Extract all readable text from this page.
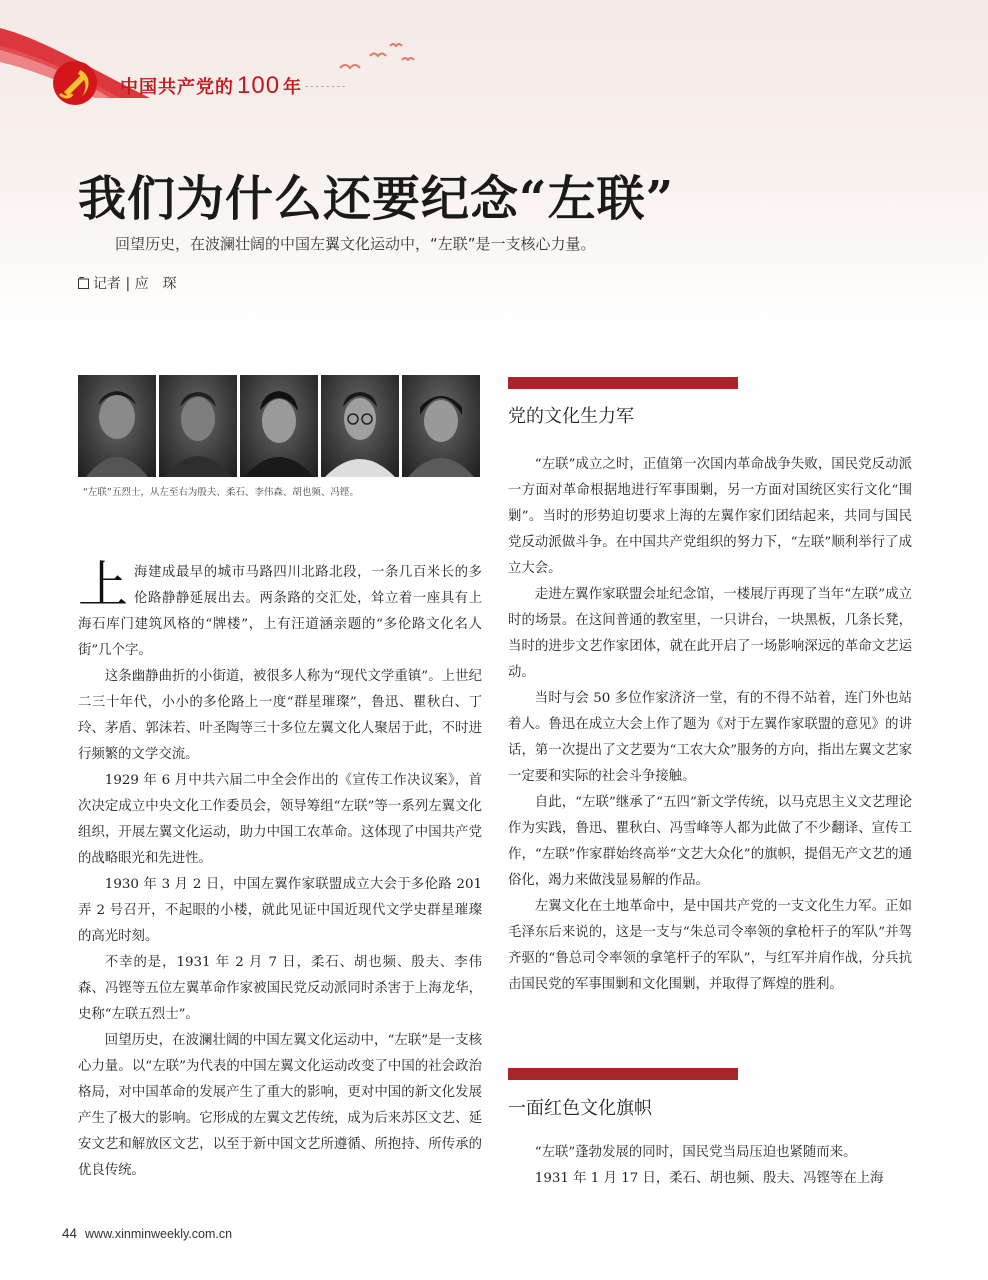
中国共产党的 100 年
我们为什么还要纪念“左联”
回望历史，在波澜壮阔的中国左翼文化运动中，“左联”是一支核心力量。
记者 | 应　琛
“左联”五烈士，从左至右为殷夫、柔石、李伟森、胡也频、冯铿。

上海建成最早的城市马路四川北路北段，一条几百米长的多伦路静静延展出去。两条路的交汇处，耸立着一座具有上海石库门建筑风格的“牌楼”，上有汪道涵亲题的“多伦路文化名人街”几个字。

这条幽静曲折的小街道，被很多人称为“现代文学重镇”。上世纪二三十年代，小小的多伦路上一度“群星璀璨”，鲁迅、瞿秋白、丁玲、茅盾、郭沫若、叶圣陶等三十多位左翼文化人聚居于此，不时进行频繁的文学交流。

1929 年 6 月中共六届二中全会作出的《宣传工作决议案》，首次决定成立中央文化工作委员会，领导筹组“左联”等一系列左翼文化组织，开展左翼文化运动，助力中国工农革命。这体现了中国共产党的战略眼光和先进性。

1930 年 3 月 2 日，中国左翼作家联盟成立大会于多伦路 201 弄 2 号召开，不起眼的小楼，就此见证中国近现代文学史群星璀璨的高光时刻。

不幸的是，1931 年 2 月 7 日，柔石、胡也频、殷夫、李伟森、冯铿等五位左翼革命作家被国民党反动派同时杀害于上海龙华，史称“左联五烈士”。

回望历史，在波澜壮阔的中国左翼文化运动中，“左联”是一支核心力量。以“左联”为代表的中国左翼文化运动改变了中国的社会政治格局，对中国革命的发展产生了重大的影响，更对中国的新文化发展产生了极大的影响。它形成的左翼文艺传统，成为后来苏区文艺、延安文艺和解放区文艺，以至于新中国文艺所遵循、所抱持、所传承的优良传统。

党的文化生力军

“左联”成立之时，正值第一次国内革命战争失败，国民党反动派一方面对革命根据地进行军事围剿，另一方面对国统区实行文化“围剿”。当时的形势迫切要求上海的左翼作家们团结起来，共同与国民党反动派做斗争。在中国共产党组织的努力下，“左联”顺利举行了成立大会。

走进左翼作家联盟会址纪念馆，一楼展厅再现了当年“左联”成立时的场景。在这间普通的教室里，一只讲台，一块黑板，几条长凳，当时的进步文艺作家团体，就在此开启了一场影响深远的革命文艺运动。

当时与会 50 多位作家济济一堂，有的不得不站着，连门外也站着人。鲁迅在成立大会上作了题为《对于左翼作家联盟的意见》的讲话，第一次提出了文艺要为“工农大众”服务的方向，指出左翼文艺家一定要和实际的社会斗争接触。

自此，“左联”继承了“五四”新文学传统，以马克思主义文艺理论作为实践，鲁迅、瞿秋白、冯雪峰等人都为此做了不少翻译、宣传工作，“左联”作家群始终高举“文艺大众化”的旗帜，提倡无产文艺的通俗化，竭力来做浅显易解的作品。

左翼文化在土地革命中，是中国共产党的一支文化生力军。正如毛泽东后来说的，这是一支与“朱总司令率领的拿枪杆子的军队”并驾齐驱的“鲁总司令率领的拿笔杆子的军队”，与红军并肩作战，分兵抗击国民党的军事围剿和文化围剿，并取得了辉煌的胜利。

一面红色文化旗帜

“左联”蓬勃发展的同时，国民党当局压迫也紧随而来。

1931 年 1 月 17 日，柔石、胡也频、殷夫、冯铿等在上海

44 www.xinminweekly.com.cn
